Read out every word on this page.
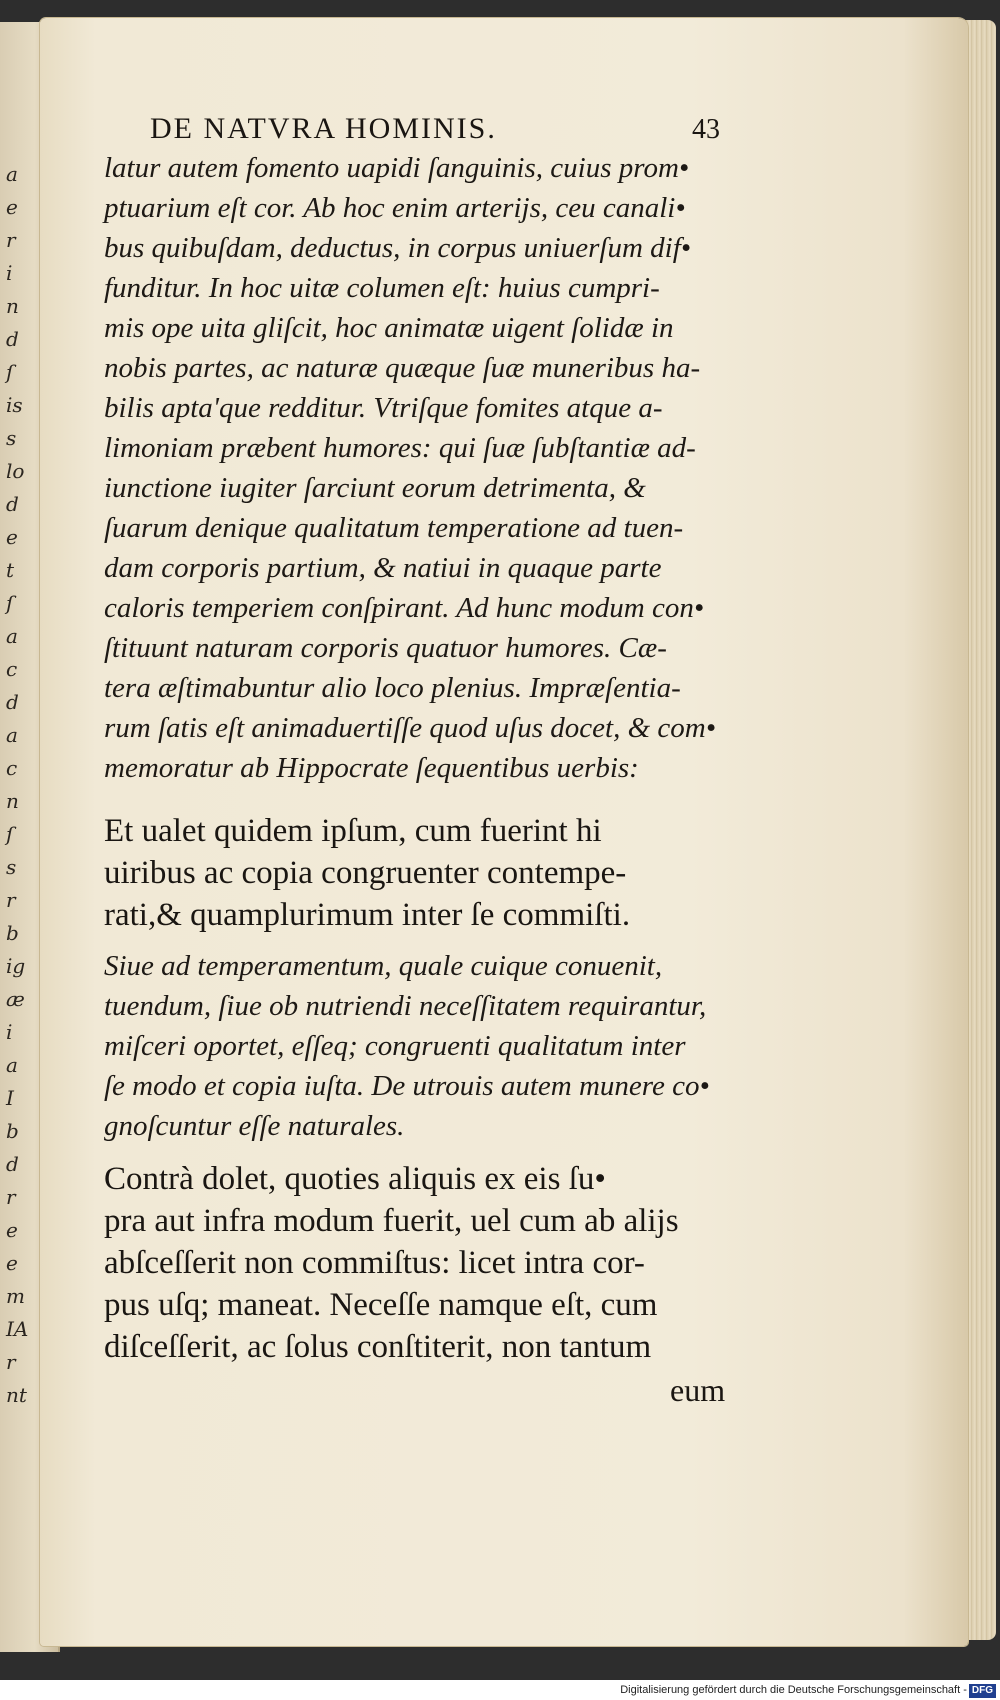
a
e
r
i
n
d
ſ
is
s
lo
d
e
t
ſ
a
c
d
a
c
n
ſ
s
r
b
ig
æ
i
a
I
b
d
r
e
e
m
IA
r
nt
DE NATVRA HOMINIS.	43
latur autem fomento uapidi ſanguinis, cuius prom•
ptuarium eſt cor. Ab hoc enim arterijs, ceu canali•
bus quibuſdam, deductus, in corpus uniuerſum dif•
funditur. In hoc uitæ columen eſt: huius cumpri-
mis ope uita gliſcit, hoc animatæ uigent ſolidæ in
nobis partes, ac naturæ quæque ſuæ muneribus ha-
bilis apta'que redditur. Vtriſque fomites atque a-
limoniam præbent humores: qui ſuæ ſubſtantiæ ad-
iunctione iugiter ſarciunt eorum detrimenta, &
ſuarum denique qualitatum temperatione ad tuen-
dam corporis partium, & natiui in quaque parte
caloris temperiem conſpirant. Ad hunc modum con•
ſtituunt naturam corporis quatuor humores. Cæ-
tera æſtimabuntur alio loco plenius. Impræſentia-
rum ſatis eſt animaduertiſſe quod uſus docet, & com•
memoratur ab Hippocrate ſequentibus uerbis:
Et ualet quidem ipſum, cum fuerint hi
uiribus ac copia congruenter contempe-
rati,& quamplurimum inter ſe commiſti.
Siue ad temperamentum, quale cuique conuenit,
tuendum, ſiue ob nutriendi neceſſitatem requirantur,
miſceri oportet, eſſeq; congruenti qualitatum inter
ſe modo et copia iuſta. De utrouis autem munere co•
gnoſcuntur eſſe naturales.
Contrà dolet, quoties aliquis ex eis ſu•
pra aut infra modum fuerit, uel cum ab alijs
abſceſſerit non commiſtus: licet intra cor-
pus uſq; maneat. Neceſſe namque eſt, cum
diſceſſerit, ac ſolus conſtiterit, non tantum
eum
Digitalisierung gefördert durch die Deutsche Forschungsgemeinschaft - DFG
